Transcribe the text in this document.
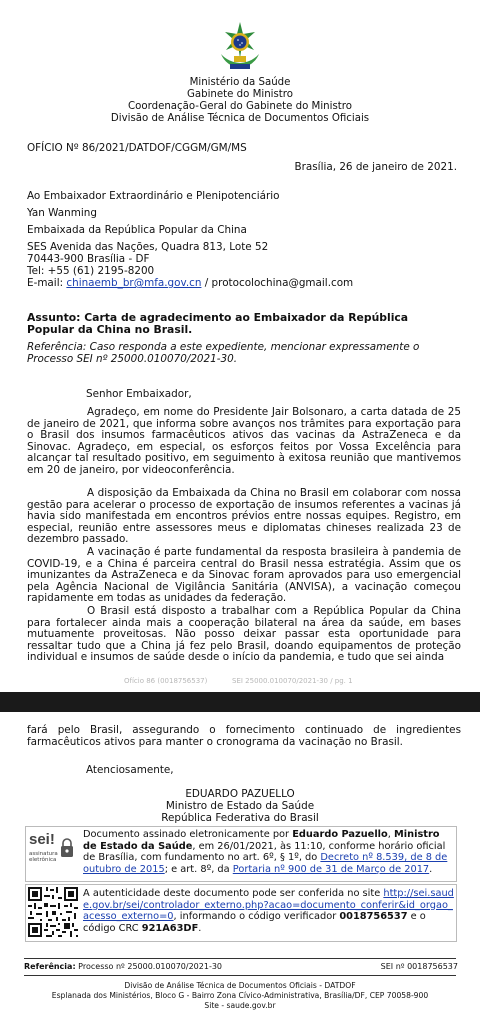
Ministério da Saúde
Gabinete do Ministro
Coordenação-Geral do Gabinete do Ministro
Divisão de Análise Técnica de Documentos Oficiais
OFÍCIO Nº 86/2021/DATDOF/CGGM/GM/MS
Brasília, 26 de janeiro de 2021.
Ao Embaixador Extraordinário e Plenipotenciário
Yan Wanming
Embaixada da República Popular da China
SES Avenida das Nações, Quadra 813, Lote 52
70443-900 Brasília - DF
Tel: +55 (61) 2195-8200
E-mail: chinaemb_br@mfa.gov.cn / protocolochina@gmail.com
Assunto: Carta de agradecimento ao Embaixador da República Popular da China no Brasil.
Referência: Caso responda a este expediente, mencionar expressamente o Processo SEI nº 25000.010070/2021-30.
Senhor Embaixador,
Agradeço, em nome do Presidente Jair Bolsonaro, a carta datada de 25 de janeiro de 2021, que informa sobre avanços nos trâmites para exportação para o Brasil dos insumos farmacêuticos ativos das vacinas da AstraZeneca e da Sinovac. Agradeço, em especial, os esforços feitos por Vossa Excelência para alcançar tal resultado positivo, em seguimento à exitosa reunião que mantivemos em 20 de janeiro, por videoconferência.
A disposição da Embaixada da China no Brasil em colaborar com nossa gestão para acelerar o processo de exportação de insumos referentes a vacinas já havia sido manifestada em encontros prévios entre nossas equipes. Registro, em especial, reunião entre assessores meus e diplomatas chineses realizada 23 de dezembro passado.
A vacinação é parte fundamental da resposta brasileira à pandemia de COVID-19, e a China é parceira central do Brasil nessa estratégia. Assim que os imunizantes da AstraZeneca e da Sinovac foram aprovados para uso emergencial pela Agência Nacional de Vigilância Sanitária (ANVISA), a vacinação começou rapidamente em todas as unidades da federação.
O Brasil está disposto a trabalhar com a República Popular da China para fortalecer ainda mais a cooperação bilateral na área da saúde, em bases mutuamente proveitosas. Não posso deixar passar esta oportunidade para ressaltar tudo que a China já fez pelo Brasil, doando equipamentos de proteção individual e insumos de saúde desde o início da pandemia, e tudo que sei ainda
Ofício 86 (0018756537)	SEI 25000.010070/2021-30 / pg. 1
fará pelo Brasil, assegurando o fornecimento continuado de ingredientes farmacêuticos ativos para manter o cronograma da vacinação no Brasil.
Atenciosamente,
EDUARDO PAZUELLO
Ministro de Estado da Saúde
República Federativa do Brasil
sei!
assinatura
eletrônica
Documento assinado eletronicamente por Eduardo Pazuello, Ministro de Estado da Saúde, em 26/01/2021, às 11:10, conforme horário oficial de Brasília, com fundamento no art. 6º, § 1º, do Decreto nº 8.539, de 8 de outubro de 2015; e art. 8º, da Portaria nº 900 de 31 de Março de 2017.
A autenticidade deste documento pode ser conferida no site http://sei.saude.gov.br/sei/controlador_externo.php?acao=documento_conferir&id_orgao_acesso_externo=0, informando o código verificador 0018756537 e o código CRC 921A63DF.
Referência: Processo nº 25000.010070/2021-30	SEI nº 0018756537
Divisão de Análise Técnica de Documentos Oficiais - DATDOF
Esplanada dos Ministérios, Bloco G - Bairro Zona Cívico-Administrativa, Brasília/DF, CEP 70058-900
Site - saude.gov.br
